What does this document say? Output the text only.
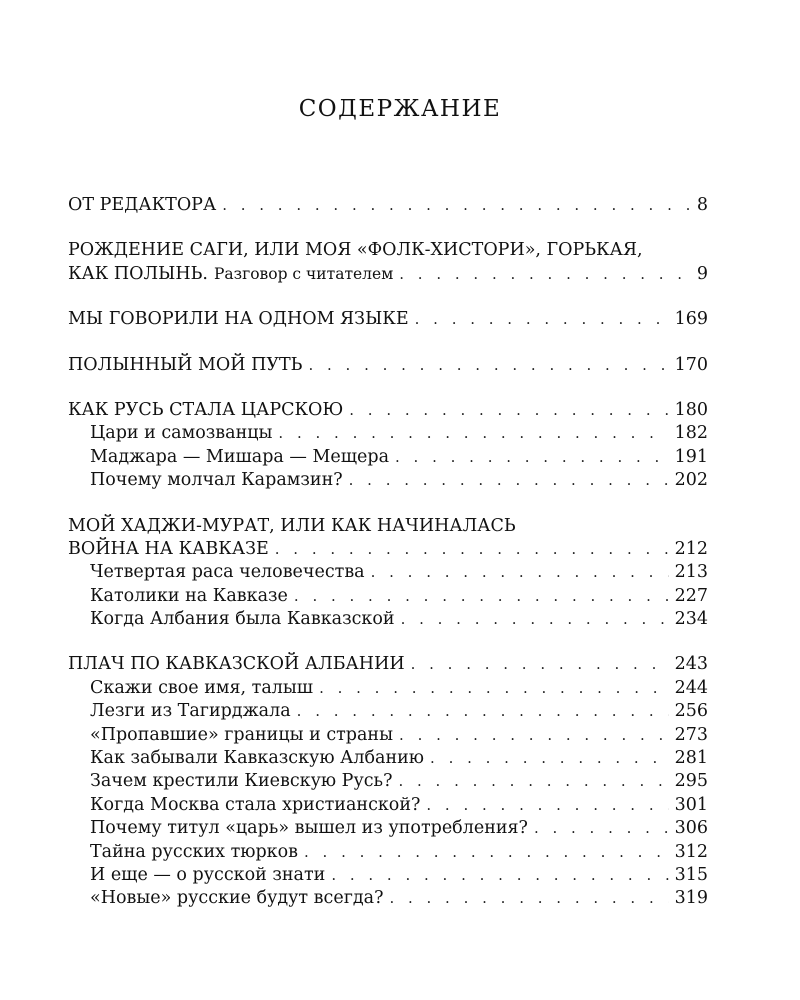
СОДЕРЖАНИЕ
ОТ РЕДАКТОРА . . .	8
РОЖДЕНИЕ САГИ, ИЛИ МОЯ «ФОЛК-ХИСТОРИ», ГОРЬКАЯ,
КАК ПОЛЫНЬ. Разговор с читателем . . .	9
МЫ ГОВОРИЛИ НА ОДНОМ ЯЗЫКЕ . . .	169
ПОЛЫННЫЙ МОЙ ПУТЬ . . .	170
КАК РУСЬ СТАЛА ЦАРСКОЮ . . .	180
Цари и самозванцы . . .	182
Маджара — Мишара — Мещера . . .	191
Почему молчал Карамзин? . . .	202
МОЙ ХАДЖИ-МУРАТ, ИЛИ КАК НАЧИНАЛАСЬ
ВОЙНА НА КАВКАЗЕ . . .	212
Четвертая раса человечества . . .	213
Католики на Кавказе . . .	227
Когда Албания была Кавказской . . .	234
ПЛАЧ ПО КАВКАЗСКОЙ АЛБАНИИ . . .	243
Скажи свое имя, талыш . . .	244
Лезги из Тагирджала . . .	256
«Пропавшие» границы и страны . . .	273
Как забывали Кавказскую Албанию . . .	281
Зачем крестили Киевскую Русь? . . .	295
Когда Москва стала христианской? . . .	301
Почему титул «царь» вышел из употребления? . . .	306
Тайна русских тюрков . . .	312
И еще — о русской знати . . .	315
«Новые» русские будут всегда? . . .	319
